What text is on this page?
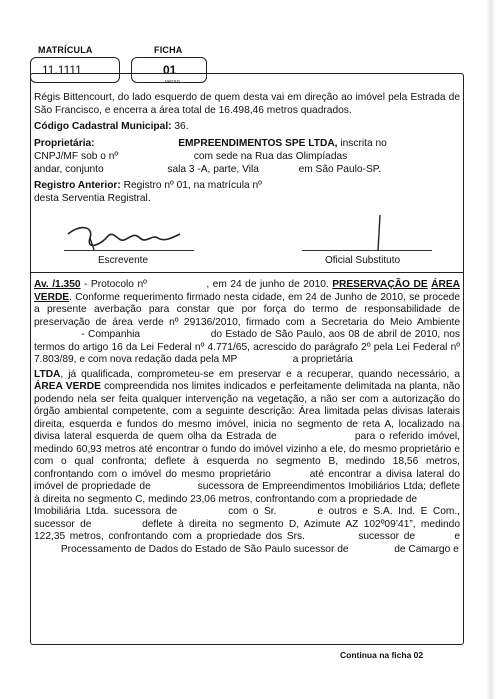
MATRÍCULA
11.1111
FICHA
01
verso

Régis Bittencourt, do lado esquerdo de quem desta vai em direção ao imóvel pela Estrada de São Francisco, e encerra a área total de 16.498,46 metros quadrados.

Código Cadastral Municipal: 36.

Proprietária:	EMPREENDIMENTOS SPE LTDA, inscrita no

CNPJ/MF sob o nº	com sede na Rua das Olimpíadas

andar, conjunto	sala 3 -A, parte, Vila	em São Paulo-SP.

Registro Anterior: Registro nº 01, na matrícula nº

desta Serventia Registral.

Escrevente	Oficial Substituto

Av. /1.350 - Protocolo nº	, em 24 de junho de 2010. PRESERVAÇÃO DE ÁREA VERDE. Conforme requerimento firmado nesta cidade, em 24 de Junho de 2010, se procede a presente averbação para constar que por força do termo de responsabilidade de preservação de área verde nº 29136/2010, firmado com a Secretaria do Meio Ambiente  - Companhia	do Estado de São Paulo, aos 08 de abril de 2010, nos termos do artigo 16 da Lei Federal nº 4.771/65, acrescido do parágrafo 2º pela Lei Federal nº 7.803/89, e com nova redação dada pela MP	a proprietária

LTDA, já qualificada, comprometeu-se em preservar e a recuperar, quando necessário, a ÁREA VERDE compreendida nos limites indicados e perfeitamente delimitada na planta, não podendo nela ser feita qualquer intervenção na vegetação, a não ser com a autorização do órgão ambiental competente, com a seguinte descrição: Área limitada pelas divisas laterais direita, esquerda e fundos do mesmo imóvel, inicia no segmento de reta A, localizado na divisa lateral esquerda de quem olha da Estrada de	para o referido imóvel, medindo 60,93 metros até encontrar o fundo do imóvel vizinho a ele, do mesmo proprietário e com o qual confronta; deflete à esquerda no segmento B, medindo 18,56 metros, confrontando com o imóvel do mesmo proprietário	até encontrar a divisa lateral do imóvel de propriedade de	sucessora de Empreendimentos Imobiliários Ltda; deflete à direita no segmento C, medindo 23,06 metros, confrontando com a propriedade de  Imobiliária Ltda. sucessora de	com o Sr.	e outros e S.A. Ind. E Com., sucessor de	deflete à direita no segmento D, Azimute AZ 102º09’41”, medindo 122,35 metros, confrontando com a propriedade dos Srs.	sucessor de	e  Processamento de Dados do Estado de São Paulo sucessor de	de Camargo e

Continua na ficha 02
